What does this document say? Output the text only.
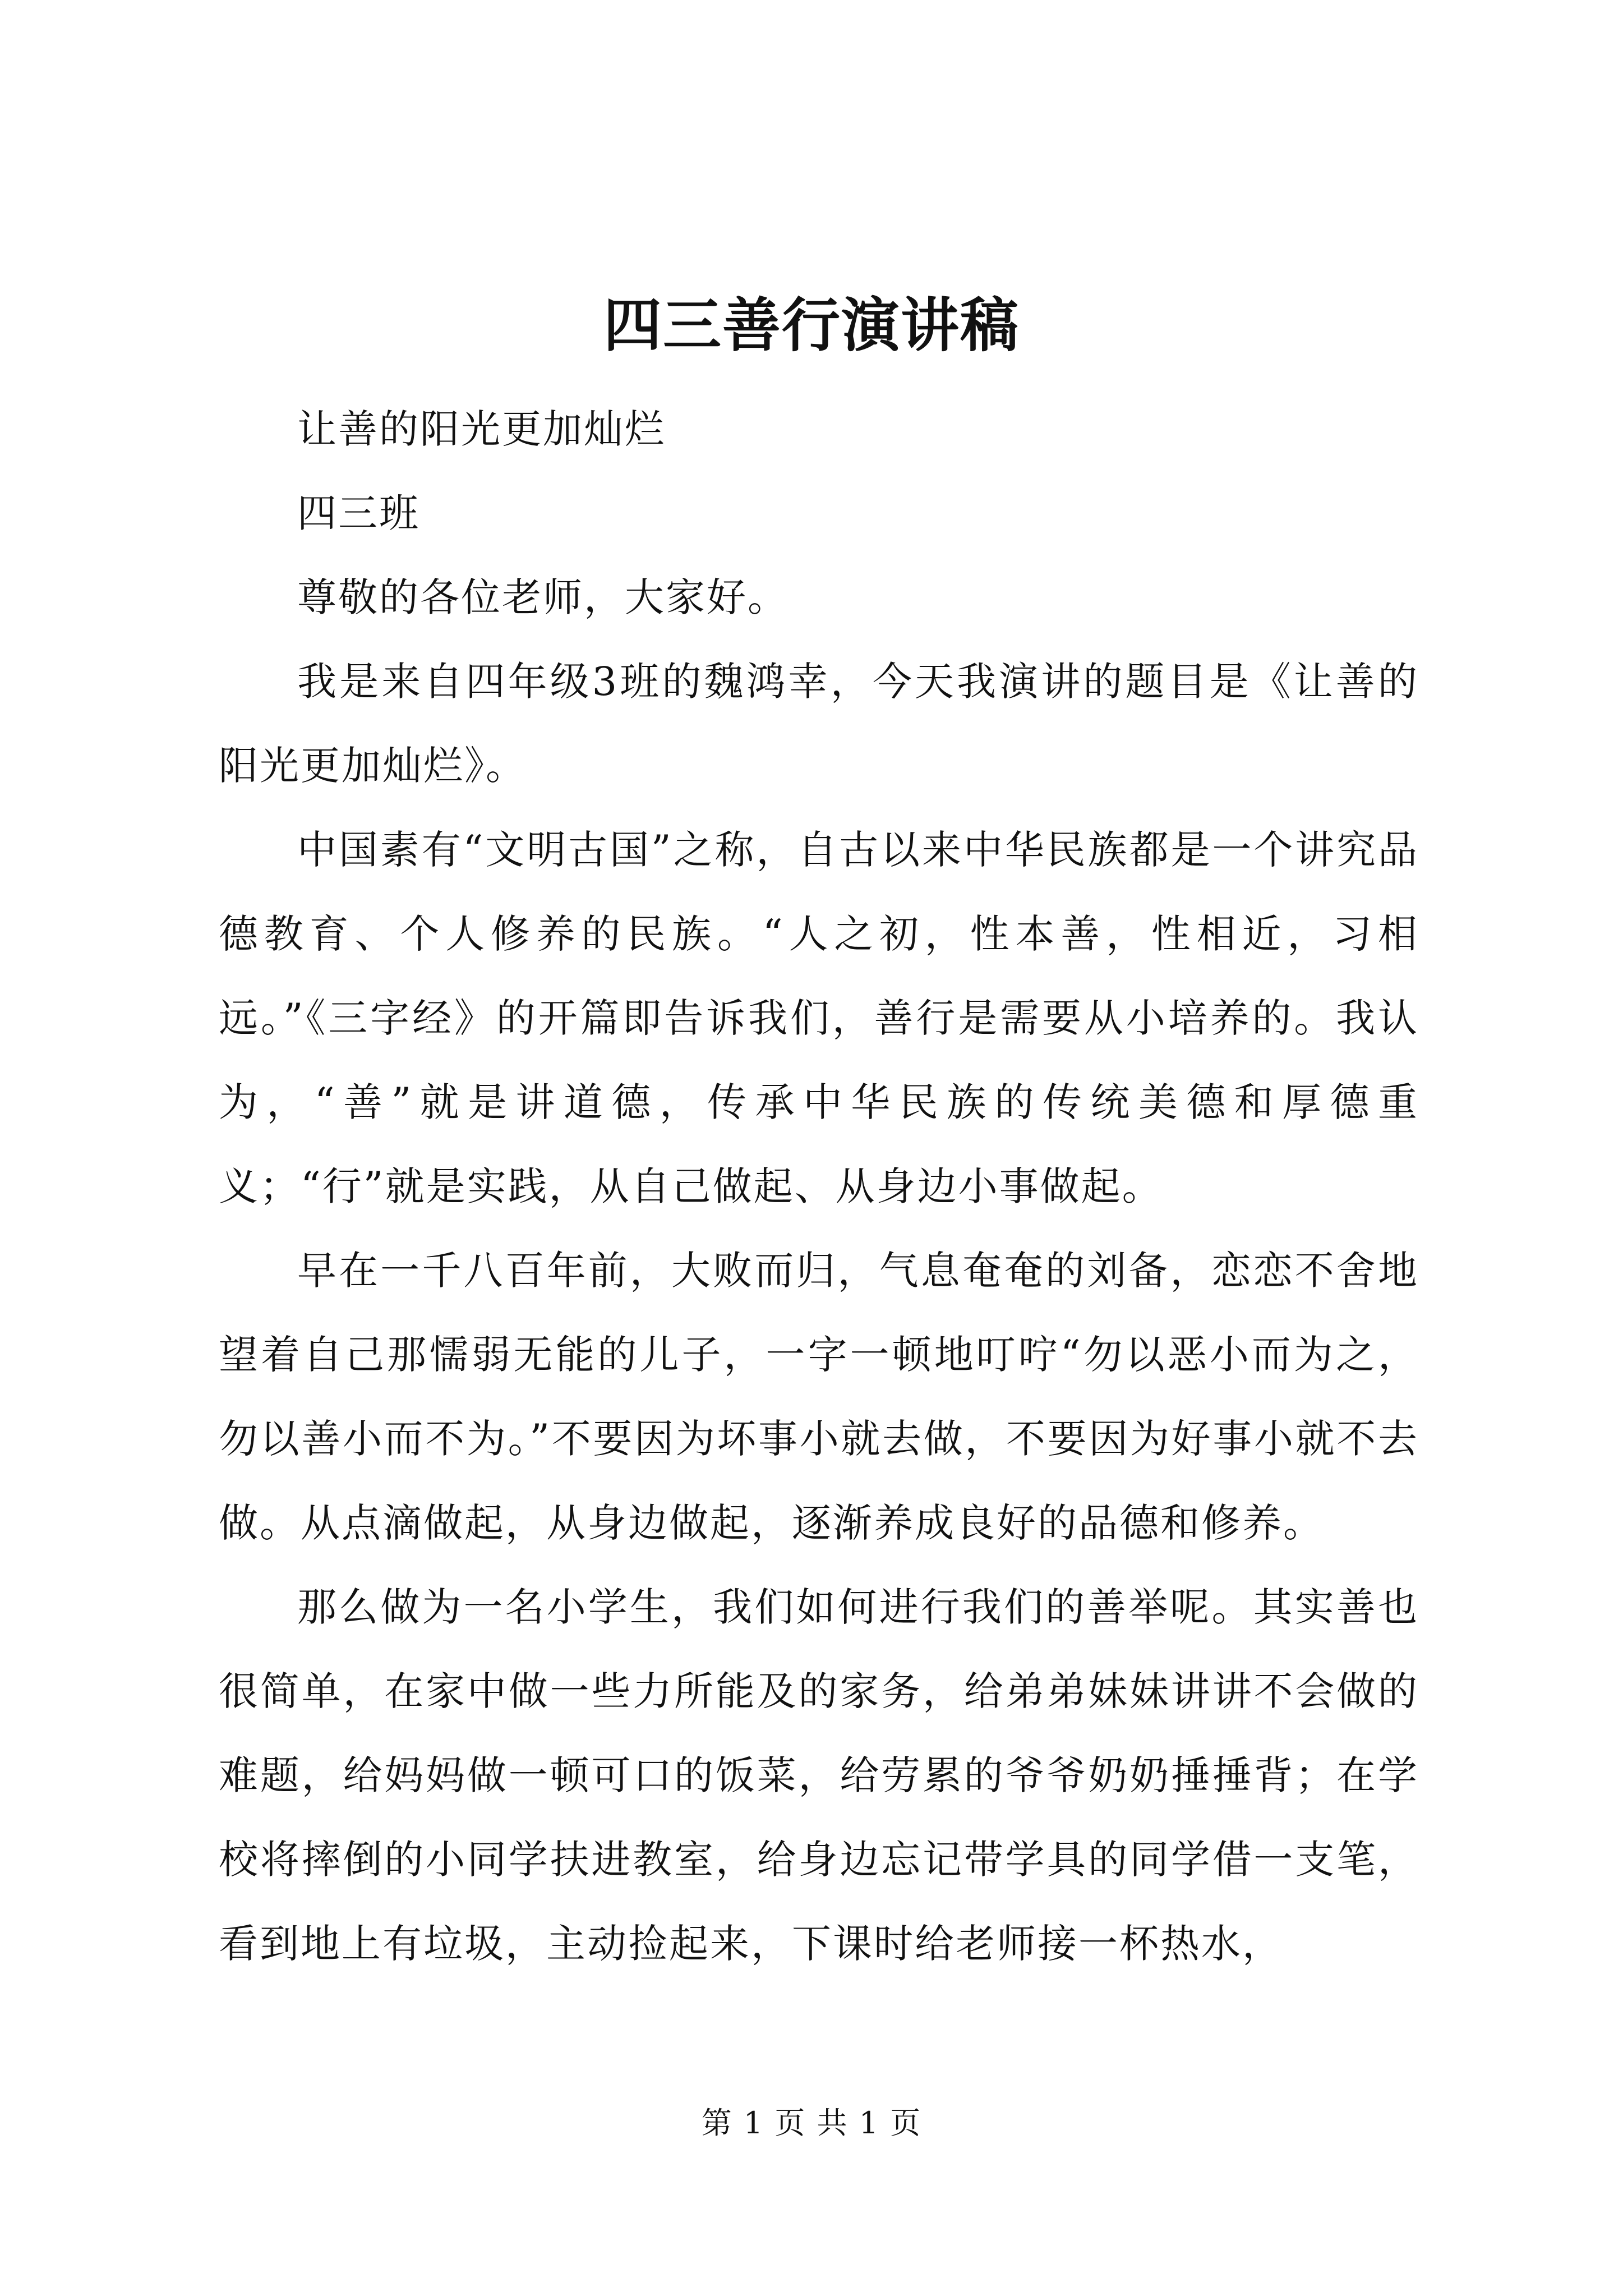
四三善行演讲稿

让善的阳光更加灿烂

四三班

尊敬的各位老师，大家好。

我是来自四年级3班的魏鸿幸，今天我演讲的题目是《让善的阳光更加灿烂》。

中国素有“文明古国”之称，自古以来中华民族都是一个讲究品德教育、个人修养的民族。“人之初，性本善，性相近，习相远。”《三字经》的开篇即告诉我们，善行是需要从小培养的。我认为，“善”就是讲道德，传承中华民族的传统美德和厚德重义；“行”就是实践，从自己做起、从身边小事做起。

早在一千八百年前，大败而归，气息奄奄的刘备，恋恋不舍地望着自己那懦弱无能的儿子，一字一顿地叮咛“勿以恶小而为之，勿以善小而不为。”不要因为坏事小就去做，不要因为好事小就不去做。从点滴做起，从身边做起，逐渐养成良好的品德和修养。

那么做为一名小学生，我们如何进行我们的善举呢。其实善也很简单，在家中做一些力所能及的家务，给弟弟妹妹讲讲不会做的难题，给妈妈做一顿可口的饭菜，给劳累的爷爷奶奶捶捶背；在学校将摔倒的小同学扶进教室，给身边忘记带学具的同学借一支笔，看到地上有垃圾，主动捡起来，下课时给老师接一杯热水，

第 1 页 共 1 页
